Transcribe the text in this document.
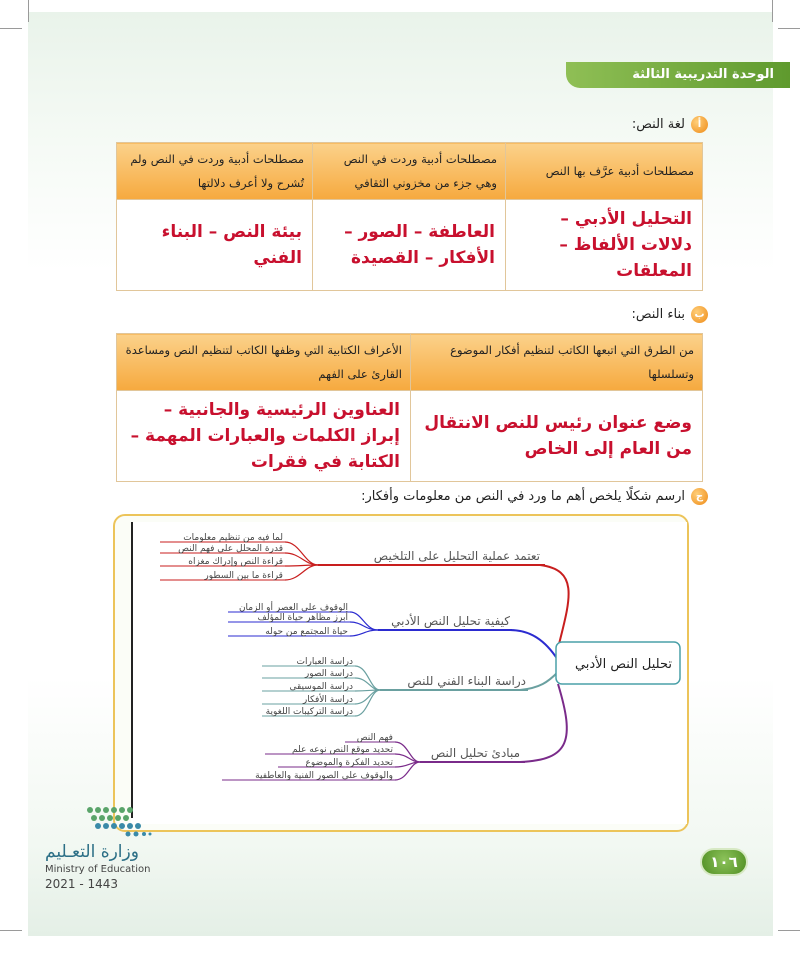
الوحدة التدريبية الثالثة
أ
لغة النص:
مصطلحات أدبية عرَّف بها النص	مصطلحات أدبية وردت في النص وهي جزء من مخزوني الثقافي	مصطلحات أدبية وردت في النص ولم تُشرح ولا أعرف دلالتها
التحليل الأدبي – دلالات الألفاظ – المعلقات	العاطفة – الصور – الأفكار – القصيدة	بيئة النص – البناء الفني
ب
بناء النص:
من الطرق التي اتبعها الكاتب لتنظيم أفكار الموضوع وتسلسلها	الأعراف الكتابية التي وظفها الكاتب لتنظيم النص ومساعدة القارئ على الفهم
وضع عنوان رئيس للنص الانتقال من العام إلى الخاص	العناوين الرئيسية والجانبية – إبراز الكلمات والعبارات المهمة – الكتابة في فقرات
ج
ارسم شكلًا يلخص أهم ما ورد في النص من معلومات وأفكار:
تحليل النص الأدبي
تعتمد عملية التحليل على التلخيص
كيفية تحليل النص الأدبي
دراسة البناء الفني للنص
مبادئ تحليل النص
لما فيه من تنظيم معلومات
قدرة المحلل على فهم النص
قراءة النص وإدراك مغزاه
قراءة ما بين السطور
الوقوف على العصر أو الزمان
أبرز مظاهر حياة المؤلف
حياة المجتمع من حوله
دراسة العبارات
دراسة الصور
دراسة الموسيقى
دراسة الأفكار
دراسة التركيبات اللغوية
فهم النص
تحديد موقع النص نوعه علم
تحديد الفكرة والموضوع
والوقوف على الصور الفنية والعاطفية
وزارة التعـليم
Ministry of Education
2021 - 1443
١٠٦
